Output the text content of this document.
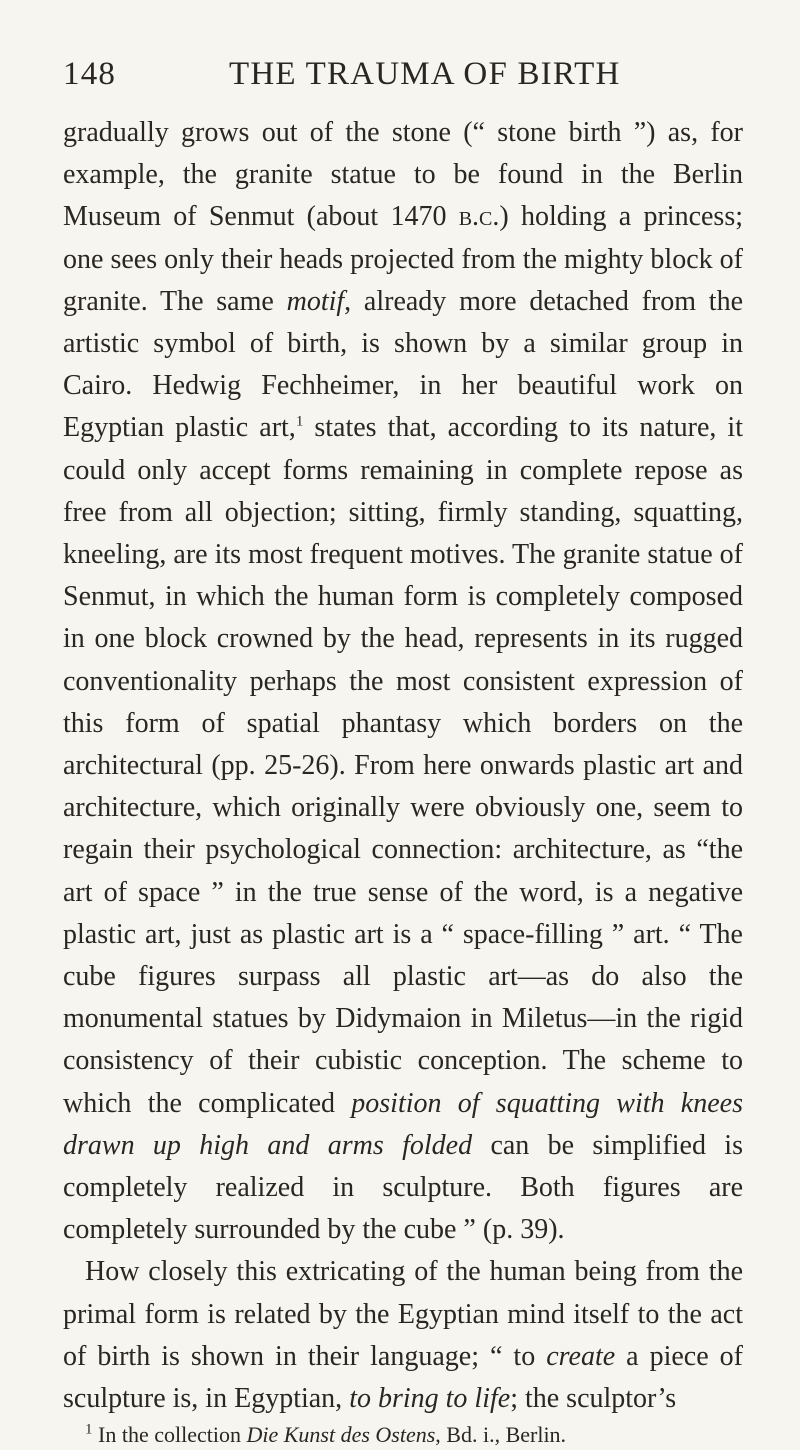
148	THE TRAUMA OF BIRTH

gradually grows out of the stone (“ stone birth ”) as, for example, the granite statue to be found in the Berlin Museum of Senmut (about 1470 b.c.) holding a princess; one sees only their heads projected from the mighty block of granite. The same motif, already more detached from the artistic symbol of birth, is shown by a similar group in Cairo. Hedwig Fechheimer, in her beautiful work on Egyptian plastic art,$^1$ states that, according to its nature, it could only accept forms remaining in complete repose as free from all objection; sitting, firmly standing, squatting, kneeling, are its most frequent motives. The granite statue of Senmut, in which the human form is completely composed in one block crowned by the head, represents in its rugged conventionality perhaps the most consistent expression of this form of spatial phantasy which borders on the architectural (pp. 25-26). From here onwards plastic art and architecture, which originally were obviously one, seem to regain their psychological connection: architecture, as “the art of space ” in the true sense of the word, is a negative plastic art, just as plastic art is a “ space-filling ” art. “ The cube figures surpass all plastic art—as do also the monumental statues by Didymaion in Miletus—in the rigid consistency of their cubistic conception. The scheme to which the complicated position of squatting with knees drawn up high and arms folded can be simplified is completely realized in sculpture. Both figures are completely surrounded by the cube ” (p. 39).

How closely this extricating of the human being from the primal form is related by the Egyptian mind itself to the act of birth is shown in their language; “ to create a piece of sculpture is, in Egyptian, to bring to life; the sculptor’s

$^1$ In the collection Die Kunst des Ostens, Bd. i., Berlin.
